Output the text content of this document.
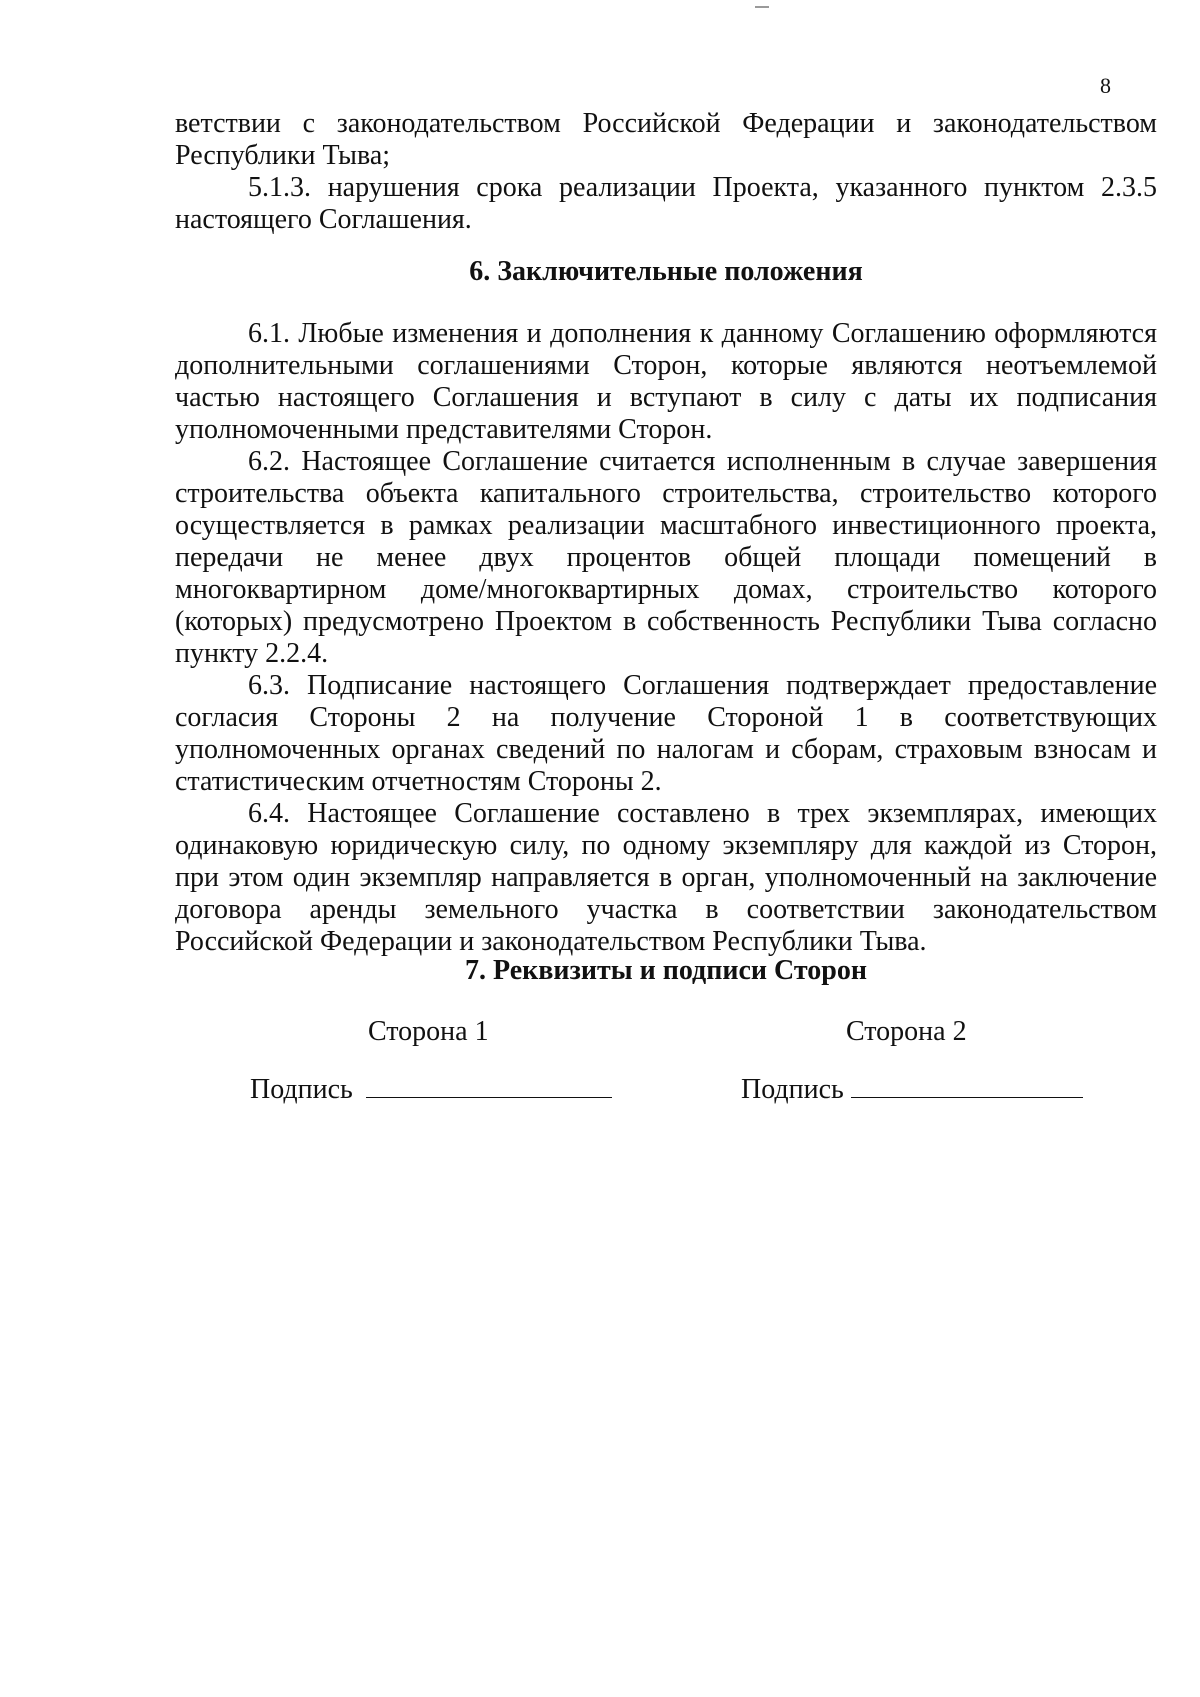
8

ветствии с законодательством Российской Федерации и законодательством Республики Тыва;

5.1.3. нарушения срока реализации Проекта, указанного пунктом 2.3.5 настоящего Соглашения.

6. Заключительные положения

6.1. Любые изменения и дополнения к данному Соглашению оформляются дополнительными соглашениями Сторон, которые являются неотъемлемой частью настоящего Соглашения и вступают в силу с даты их подписания уполномоченными представителями Сторон.

6.2. Настоящее Соглашение считается исполненным в случае завершения строительства объекта капитального строительства, строительство которого осуществляется в рамках реализации масштабного инвестиционного проекта, передачи не менее двух процентов общей площади помещений в многоквартирном доме/многоквартирных домах, строительство которого (которых) предусмотрено Проектом в собственность Республики Тыва согласно пункту 2.2.4.

6.3. Подписание настоящего Соглашения подтверждает предоставление согласия Стороны 2 на получение Стороной 1 в соответствующих уполномоченных органах сведений по налогам и сборам, страховым взносам и статистическим отчетностям Стороны 2.

6.4. Настоящее Соглашение составлено в трех экземплярах, имеющих одинаковую юридическую силу, по одному экземпляру для каждой из Сторон, при этом один экземпляр направляется в орган, уполномоченный на заключение договора аренды земельного участка в соответствии законодательством Российской Федерации и законодательством Республики Тыва.

7. Реквизиты и подписи Сторон
Сторона 1	Сторона 2
Подпись	Подпись
